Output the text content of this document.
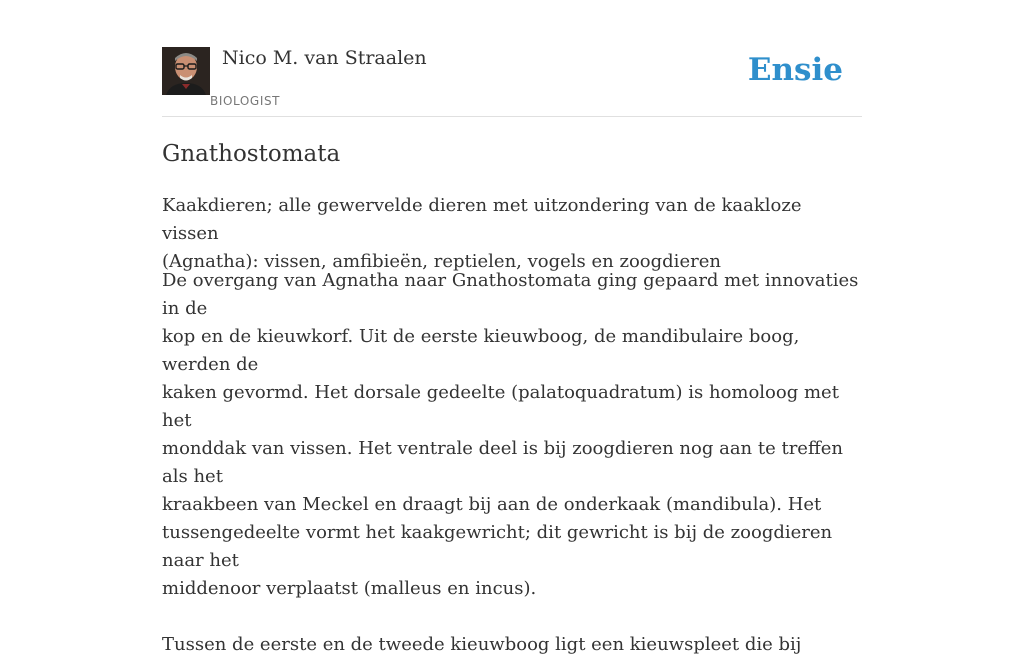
Nico M. van Straalen
BIOLOGIST
Ensie
Gnathostomata

Kaakdieren; alle gewervelde dieren met uitzondering van de kaakloze vissen
(Agnatha): vissen, amfibieën, reptielen, vogels en zoogdieren

De overgang van Agnatha naar Gnathostomata ging gepaard met innovaties in de
kop en de kieuwkorf. Uit de eerste kieuwboog, de mandibulaire boog, werden de
kaken gevormd. Het dorsale gedeelte (palatoquadratum) is homoloog met het
monddak van vissen. Het ventrale deel is bij zoogdieren nog aan te treffen als het
kraakbeen van Meckel en draagt bij aan de onderkaak (mandibula). Het
tussengedeelte vormt het kaakgewricht; dit gewricht is bij de zoogdieren naar het
middenoor verplaatst (malleus en incus).

Tussen de eerste en de tweede kieuwboog ligt een kieuwspleet die bij
